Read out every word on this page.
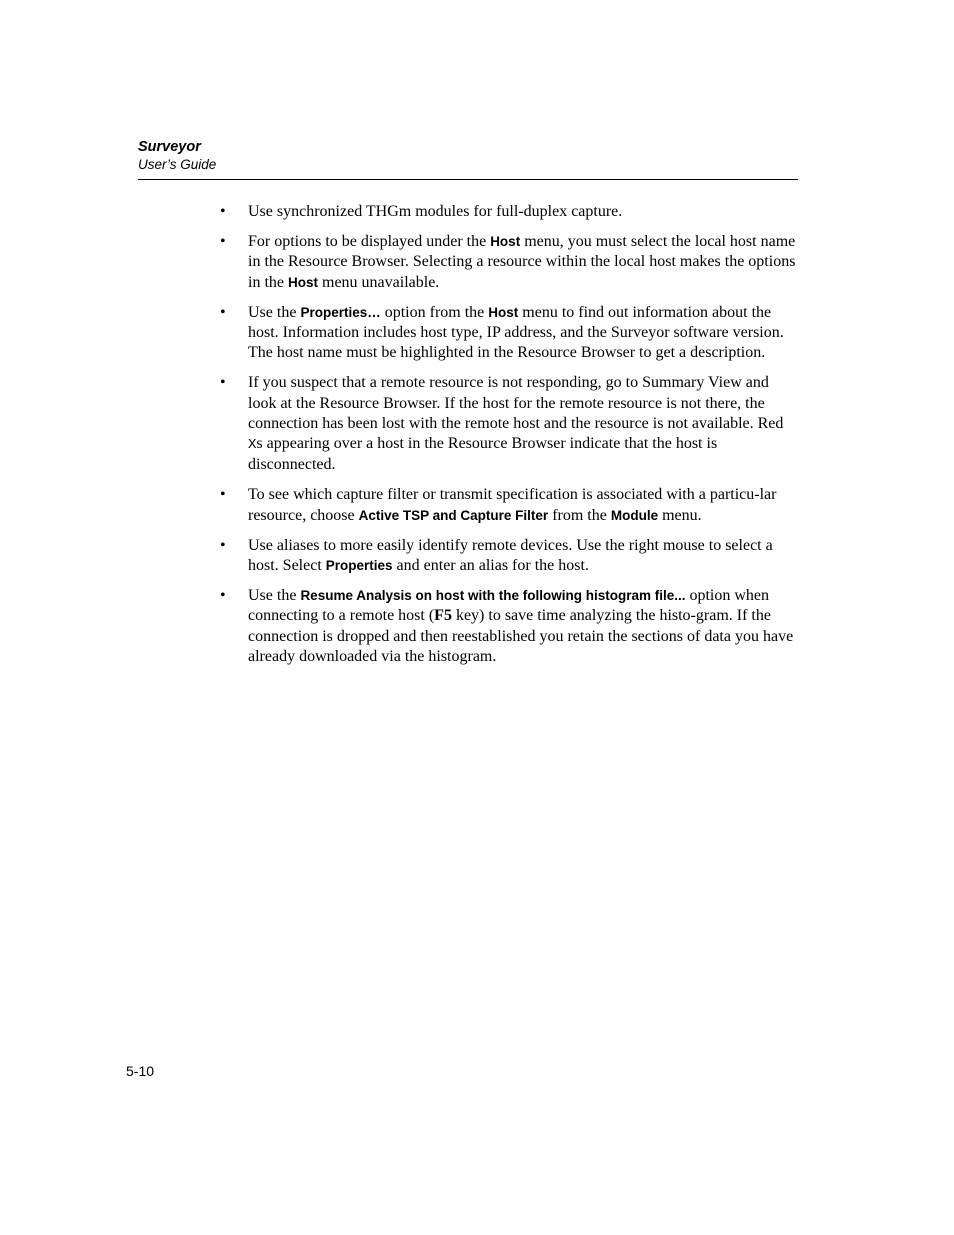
Surveyor
User’s Guide
•	Use synchronized THGm modules for full-duplex capture.
•	For options to be displayed under the Host menu, you must select the local host name in the Resource Browser. Selecting a resource within the local host makes the options in the Host menu unavailable.
•	Use the Properties… option from the Host menu to find out information about the host. Information includes host type, IP address, and the Surveyor software version. The host name must be highlighted in the Resource Browser to get a description.
•	If you suspect that a remote resource is not responding, go to Summary View and look at the Resource Browser. If the host for the remote resource is not there, the connection has been lost with the remote host and the resource is not available. Red Xs appearing over a host in the Resource Browser indicate that the host is disconnected.
•	To see which capture filter or transmit specification is associated with a particu-lar resource, choose Active TSP and Capture Filter from the Module menu.
•	Use aliases to more easily identify remote devices. Use the right mouse to select a host. Select Properties and enter an alias for the host.
•	Use the Resume Analysis on host with the following histogram file... option when connecting to a remote host (F5 key) to save time analyzing the histo-gram. If the connection is dropped and then reestablished you retain the sections of data you have already downloaded via the histogram.
5-10
